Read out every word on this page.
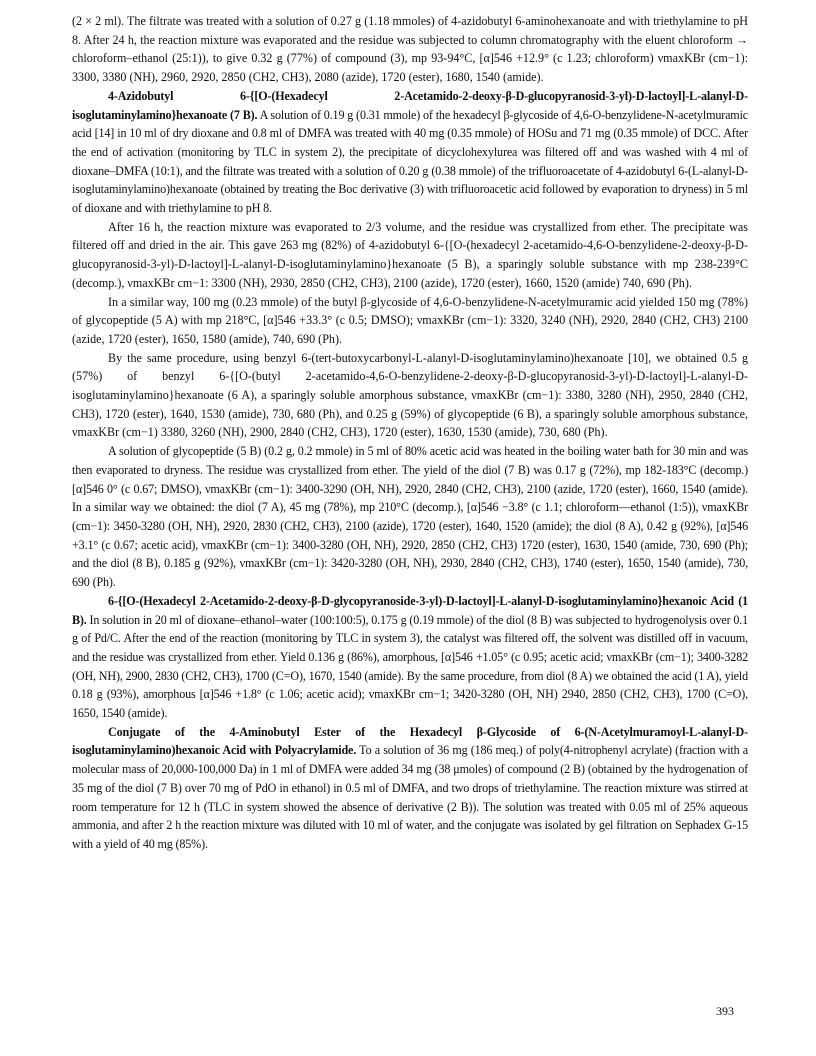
(2 × 2 ml). The filtrate was treated with a solution of 0.27 g (1.18 mmoles) of 4-azidobutyl 6-aminohexanoate and with triethylamine to pH 8. After 24 h, the reaction mixture was evaporated and the residue was subjected to column chromatography with the eluent chloroform → chloroform–ethanol (25:1)), to give 0.32 g (77%) of compound (3), mp 93-94°C, [α]546 +12.9° (c 1.23; chloroform) νmaxKBr (cm−1): 3300, 3380 (NH), 2960, 2920, 2850 (CH2, CH3), 2080 (azide), 1720 (ester), 1680, 1540 (amide).

4-Azidobutyl 6-{[O-(Hexadecyl 2-Acetamido-2-deoxy-β-D-glucopyranosid-3-yl)-D-lactoyl]-L-alanyl-D-isoglutaminylamino}hexanoate (7 B). A solution of 0.19 g (0.31 mmole) of the hexadecyl β-glycoside of 4,6-O-benzylidene-N-acetylmuramic acid [14] in 10 ml of dry dioxane and 0.8 ml of DMFA was treated with 40 mg (0.35 mmole) of HOSu and 71 mg (0.35 mmole) of DCC. After the end of activation (monitoring by TLC in system 2), the precipitate of dicyclohexylurea was filtered off and was washed with 4 ml of dioxane–DMFA (10:1), and the filtrate was treated with a solution of 0.20 g (0.38 mmole) of the trifluoroacetate of 4-azidobutyl 6-(L-alanyl-D-isoglutaminylamino)hexanoate (obtained by treating the Boc derivative (3) with trifluoroacetic acid followed by evaporation to dryness) in 5 ml of dioxane and with triethylamine to pH 8.

After 16 h, the reaction mixture was evaporated to 2/3 volume, and the residue was crystallized from ether. The precipitate was filtered off and dried in the air. This gave 263 mg (82%) of 4-azidobutyl 6-{[O-(hexadecyl 2-acetamido-4,6-O-benzylidene-2-deoxy-β-D-glucopyranosid-3-yl)-D-lactoyl]-L-alanyl-D-isoglutaminylamino}hexanoate (5 B), a sparingly soluble substance with mp 238-239°C (decomp.), νmaxKBr cm−1: 3300 (NH), 2930, 2850 (CH2, CH3), 2100 (azide), 1720 (ester), 1660, 1520 (amide) 740, 690 (Ph).

In a similar way, 100 mg (0.23 mmole) of the butyl β-glycoside of 4,6-O-benzylidene-N-acetylmuramic acid yielded 150 mg (78%) of glycopeptide (5 A) with mp 218°C, [α]546 +33.3° (c 0.5; DMSO); νmaxKBr (cm−1): 3320, 3240 (NH), 2920, 2840 (CH2, CH3) 2100 (azide, 1720 (ester), 1650, 1580 (amide), 740, 690 (Ph).

By the same procedure, using benzyl 6-(tert-butoxycarbonyl-L-alanyl-D-isoglutaminylamino)hexanoate [10], we obtained 0.5 g (57%) of benzyl 6-{[O-(butyl 2-acetamido-4,6-O-benzylidene-2-deoxy-β-D-glucopyranosid-3-yl)-D-lactoyl]-L-alanyl-D-isoglutaminylamino}hexanoate (6 A), a sparingly soluble amorphous substance, νmaxKBr (cm−1): 3380, 3280 (NH), 2950, 2840 (CH2, CH3), 1720 (ester), 1640, 1530 (amide), 730, 680 (Ph), and 0.25 g (59%) of glycopeptide (6 B), a sparingly soluble amorphous substance, νmaxKBr (cm−1) 3380, 3260 (NH), 2900, 2840 (CH2, CH3), 1720 (ester), 1630, 1530 (amide), 730, 680 (Ph).

A solution of glycopeptide (5 B) (0.2 g, 0.2 mmole) in 5 ml of 80% acetic acid was heated in the boiling water bath for 30 min and was then evaporated to dryness. The residue was crystallized from ether. The yield of the diol (7 B) was 0.17 g (72%), mp 182-183°C (decomp.) [α]546 0° (c 0.67; DMSO), νmaxKBr (cm−1): 3400-3290 (OH, NH), 2920, 2840 (CH2, CH3), 2100 (azide, 1720 (ester), 1660, 1540 (amide). In a similar way we obtained: the diol (7 A), 45 mg (78%), mp 210°C (decomp.), [α]546 −3.8° (c 1.1; chloroform—ethanol (1:5)), νmaxKBr (cm−1): 3450-3280 (OH, NH), 2920, 2830 (CH2, CH3), 2100 (azide), 1720 (ester), 1640, 1520 (amide); the diol (8 A), 0.42 g (92%), [α]546 +3.1° (c 0.67; acetic acid), νmaxKBr (cm−1): 3400-3280 (OH, NH), 2920, 2850 (CH2, CH3) 1720 (ester), 1630, 1540 (amide, 730, 690 (Ph); and the diol (8 B), 0.185 g (92%), νmaxKBr (cm−1): 3420-3280 (OH, NH), 2930, 2840 (CH2, CH3), 1740 (ester), 1650, 1540 (amide), 730, 690 (Ph).

6-{[O-(Hexadecyl 2-Acetamido-2-deoxy-β-D-glycopyranoside-3-yl)-D-lactoyl]-L-alanyl-D-isoglutaminylamino}hexanoic Acid (1 B). In solution in 20 ml of dioxane–ethanol–water (100:100:5), 0.175 g (0.19 mmole) of the diol (8 B) was subjected to hydrogenolysis over 0.1 g of Pd/C. After the end of the reaction (monitoring by TLC in system 3), the catalyst was filtered off, the solvent was distilled off in vacuum, and the residue was crystallized from ether. Yield 0.136 g (86%), amorphous, [α]546 +1.05° (c 0.95; acetic acid; νmaxKBr (cm−1); 3400-3282 (OH, NH), 2900, 2830 (CH2, CH3), 1700 (C=O), 1670, 1540 (amide). By the same procedure, from diol (8 A) we obtained the acid (1 A), yield 0.18 g (93%), amorphous [α]546 +1.8° (c 1.06; acetic acid); νmaxKBr cm−1; 3420-3280 (OH, NH) 2940, 2850 (CH2, CH3), 1700 (C=O), 1650, 1540 (amide).

Conjugate of the 4-Aminobutyl Ester of the Hexadecyl β-Glycoside of 6-(N-Acetylmuramoyl-L-alanyl-D-isoglutaminylamino)hexanoic Acid with Polyacrylamide. To a solution of 36 mg (186 meq.) of poly(4-nitrophenyl acrylate) (fraction with a molecular mass of 20,000-100,000 Da) in 1 ml of DMFA were added 34 mg (38 μmoles) of compound (2 B) (obtained by the hydrogenation of 35 mg of the diol (7 B) over 70 mg of PdO in ethanol) in 0.5 ml of DMFA, and two drops of triethylamine. The reaction mixture was stirred at room temperature for 12 h (TLC in system showed the absence of derivative (2 B)). The solution was treated with 0.05 ml of 25% aqueous ammonia, and after 2 h the reaction mixture was diluted with 10 ml of water, and the conjugate was isolated by gel filtration on Sephadex G-15 with a yield of 40 mg (85%).

393
